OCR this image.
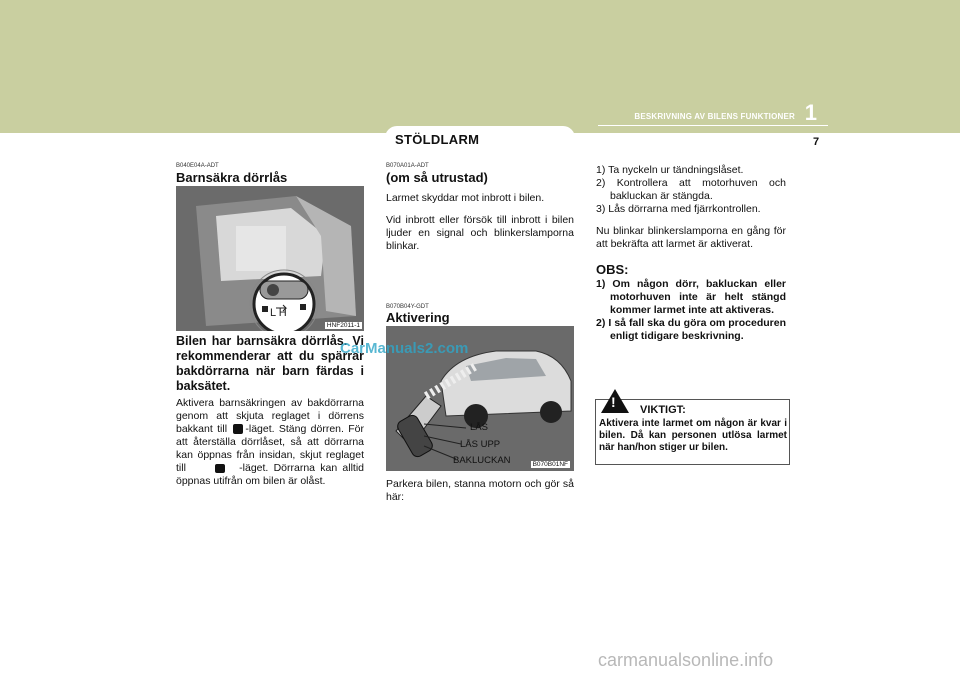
BESKRIVNING AV BILENS FUNKTIONER 1
7
STÖLDLARM
B040E04A-ADT
Barnsäkra dörrlås
L H
HNF2011-1
Bilen har barnsäkra dörrlås. Vi rekommenderar att du spärrar bakdörrarna när barn färdas i baksätet.
Aktivera barnsäkringen av bakdörrarna genom att skjuta reglaget i dörrens bakkant till -läget. Stäng dörren. För att återställa dörrlåset, så att dörrarna kan öppnas från insidan, skjut reglaget till	-läget. Dörrarna kan alltid öppnas utifrån om bilen är olåst.
B070A01A-ADT
(om så utrustad)
Larmet skyddar mot inbrott i bilen.
Vid inbrott eller försök till inbrott i bilen ljuder en signal och blinkerslamporna blinkar.
B070B04Y-GDT
Aktivering
LÅS
LÅS UPP
BAKLUCKAN	B070B01NF
Parkera bilen, stanna motorn och gör så här:
1) Ta nyckeln ur tändningslåset.
2) Kontrollera att motorhuven och bakluckan är stängda.
3) Lås dörrarna med fjärrkontrollen.
Nu blinkar blinkerslamporna en gång för att bekräfta att larmet är aktiverat.
OBS:
1) Om någon dörr, bakluckan eller motorhuven inte är helt stängd kommer larmet inte att aktiveras.
2) I så fall ska du göra om proceduren enligt tidigare beskrivning.
! VIKTIGT:
Aktivera inte larmet om någon är kvar i bilen. Då kan personen utlösa larmet när han/hon stiger ur bilen.
CarManuals2.com
carmanualsonline.info
